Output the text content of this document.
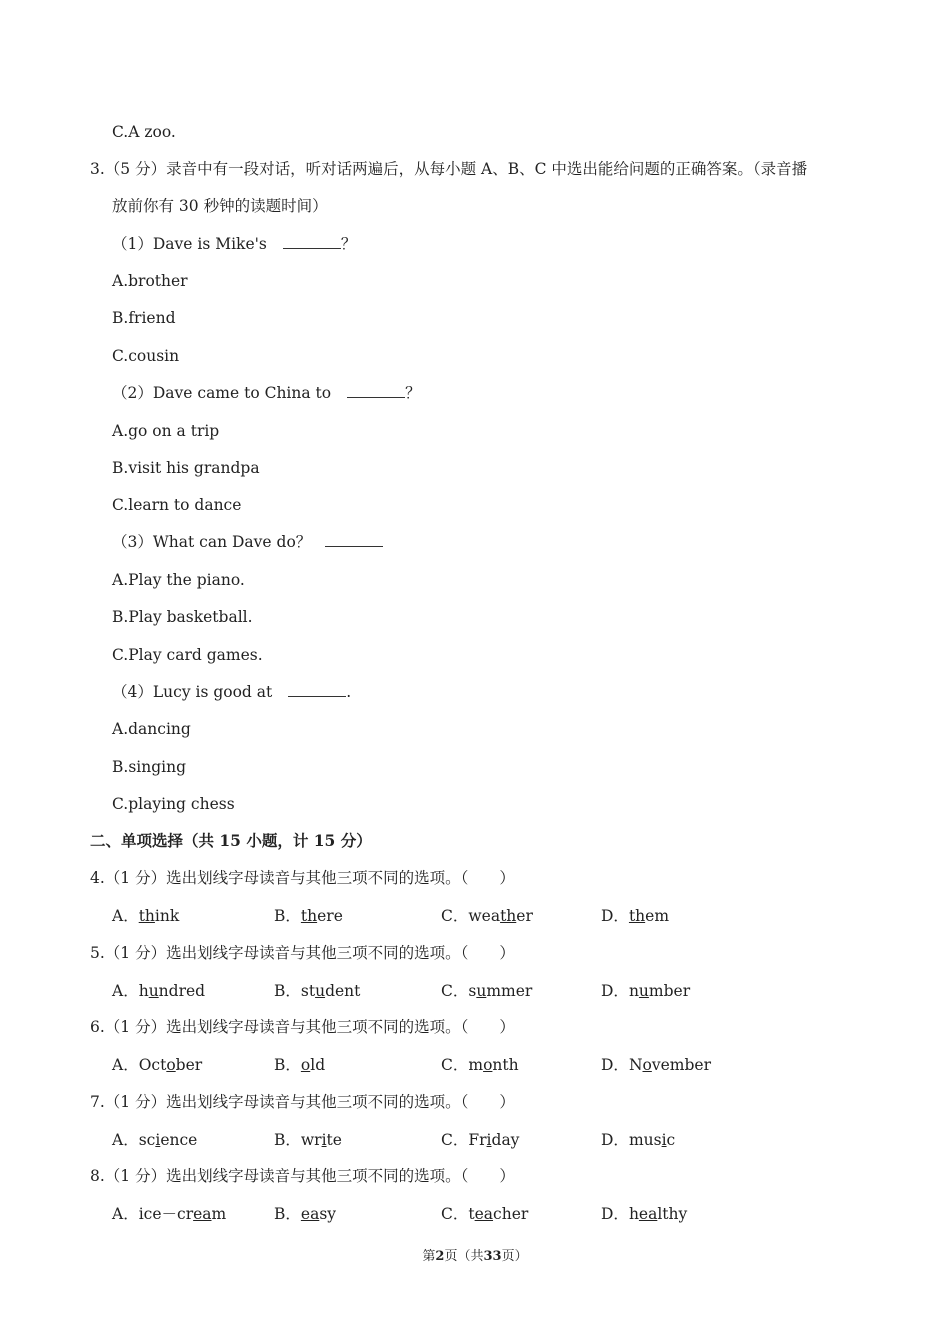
C.A zoo.
3.（5 分）录音中有一段对话，听对话两遍后，从每小题 A、B、C 中选出能给问题的正确答案。（录音播
放前你有 30 秒钟的读题时间）
（1）Dave is Mike's	？
A.brother
B.friend
C.cousin
（2）Dave came to China to	？
A.go on a trip
B.visit his grandpa
C.learn to dance
（3）What can Dave do？
A.Play the piano.
B.Play basketball.
C.Play card games.
（4）Lucy is good at	.
A.dancing
B.singing
C.playing chess
二、单项选择（共 15 小题，计 15 分）
4.（1 分）选出划线字母读音与其他三项不同的选项。（　　）
A．think	B．there	C．weather	D．them
5.（1 分）选出划线字母读音与其他三项不同的选项。（　　）
A．hundred	B．student	C．summer	D．number
6.（1 分）选出划线字母读音与其他三项不同的选项。（　　）
A．October	B．old	C．month	D．November
7.（1 分）选出划线字母读音与其他三项不同的选项。（　　）
A．science	B．write	C．Friday	D．music
8.（1 分）选出划线字母读音与其他三项不同的选项。（　　）
A．ice－cream	B．easy	C．teacher	D．healthy
第2页（共33页）
